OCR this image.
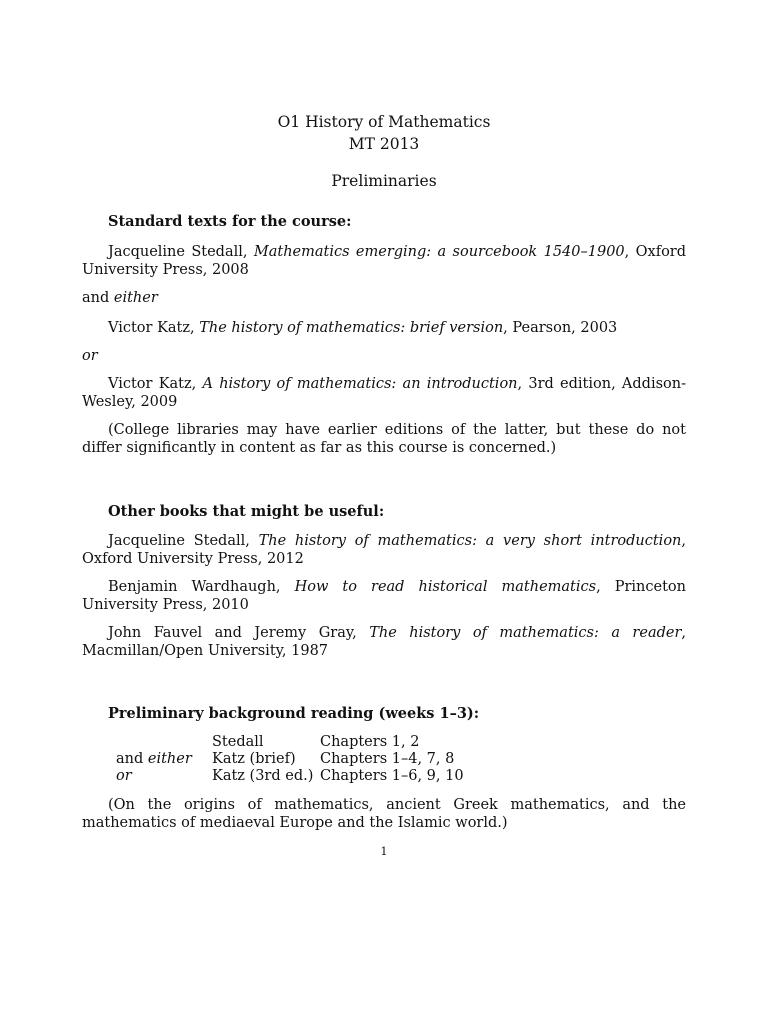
O1 History of Mathematics
MT 2013
Preliminaries
Standard texts for the course:

Jacqueline Stedall, Mathematics emerging: a sourcebook 1540–1900, Oxford University Press, 2008

and either

Victor Katz, The history of mathematics: brief version, Pearson, 2003

or

Victor Katz, A history of mathematics: an introduction, 3rd edition, Addison-Wesley, 2009

(College libraries may have earlier editions of the latter, but these do not differ significantly in content as far as this course is concerned.)

Other books that might be useful:

Jacqueline Stedall, The history of mathematics: a very short introduction, Oxford University Press, 2012

Benjamin Wardhaugh, How to read historical mathematics, Princeton University Press, 2010

John Fauvel and Jeremy Gray, The history of mathematics: a reader, Macmillan/Open University, 1987

Preliminary background reading (weeks 1–3):
	Stedall	Chapters 1, 2
and either	Katz (brief)	Chapters 1–4, 7, 8
or	Katz (3rd ed.)	Chapters 1–6, 9, 10

(On the origins of mathematics, ancient Greek mathematics, and the mathematics of mediaeval Europe and the Islamic world.)

1
